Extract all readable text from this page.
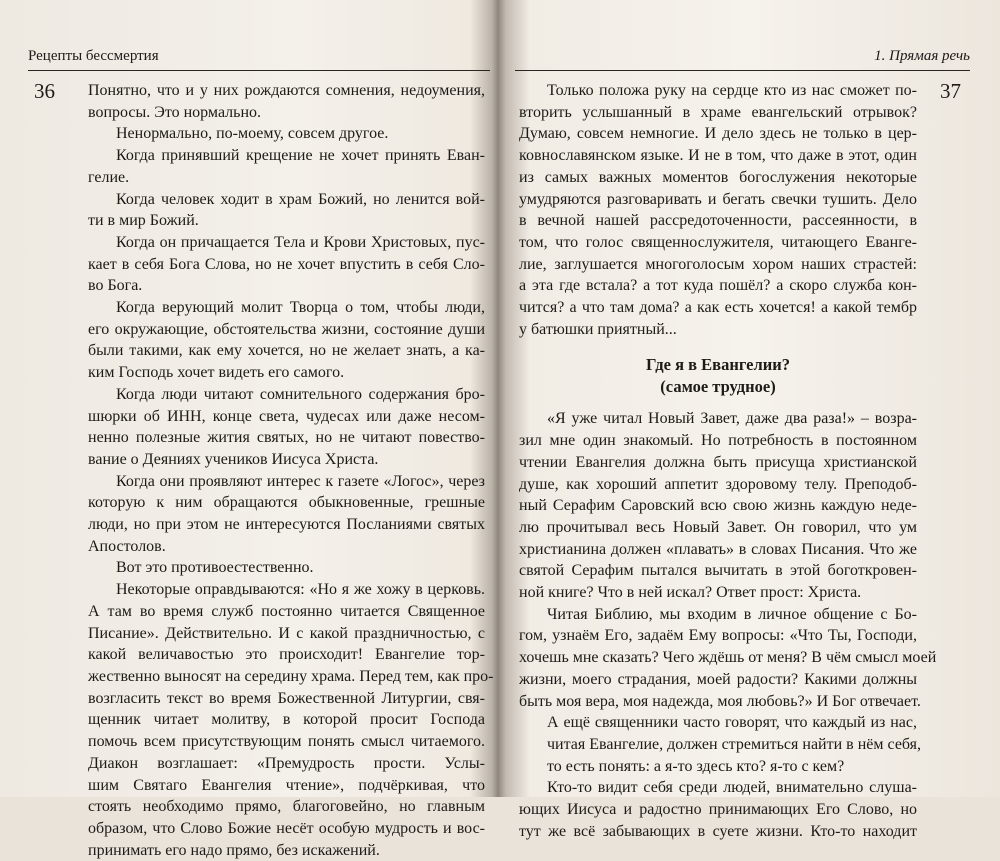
Рецепты бессмертия
36 Понятно, что и у них рождаются сомнения, недоумения,
вопросы. Это нормально.
Ненормально, по-моему, совсем другое.
Когда принявший крещение не хочет принять Еван-
гелие.
Когда человек ходит в храм Божий, но ленится вой-
ти в мир Божий.
Когда он причащается Тела и Крови Христовых, пус-
кает в себя Бога Слова, но не хочет впустить в себя Сло-
во Бога.
Когда верующий молит Творца о том, чтобы люди,
его окружающие, обстоятельства жизни, состояние души
были такими, как ему хочется, но не желает знать, а ка-
ким Господь хочет видеть его самого.
Когда люди читают сомнительного содержания бро-
шюрки об ИНН, конце света, чудесах или даже несом-
ненно полезные жития святых, но не читают повество-
вание о Деяниях учеников Иисуса Христа.
Когда они проявляют интерес к газете «Логос», через
которую к ним обращаются обыкновенные, грешные
люди, но при этом не интересуются Посланиями святых
Апостолов.
Вот это противоестественно.
Некоторые оправдываются: «Но я же хожу в церковь.
А там во время служб постоянно читается Священное
Писание». Действительно. И с какой праздничностью, с
какой величавостью это происходит! Евангелие тор-
жественно выносят на середину храма. Перед тем, как про-
возгласить текст во время Божественной Литургии, свя-
щенник читает молитву, в которой просит Господа
помочь всем присутствующим понять смысл читаемого.
Диакон возглашает: «Премудрость прости. Услы-
шим Святаго Евангелия чтение», подчёркивая, что
стоять необходимо прямо, благоговейно, но главным
образом, что Слово Божие несёт особую мудрость и вос-
принимать его надо прямо, без искажений.
1. Прямая речь
37
Только положа руку на сердце кто из нас сможет по-
вторить услышанный в храме евангельский отрывок?
Думаю, совсем немногие. И дело здесь не только в цер-
ковнославянском языке. И не в том, что даже в этот, один
из самых важных моментов богослужения некоторые
умудряются разговаривать и бегать свечки тушить. Дело
в вечной нашей рассредоточенности, рассеянности, в
том, что голос священнослужителя, читающего Еванге-
лие, заглушается многоголосым хором наших страстей:
а эта где встала? а тот куда пошёл? а скоро служба кон-
чится? а что там дома? а как есть хочется! а какой тембр
у батюшки приятный...
Где я в Евангелии?
(самое трудное)
«Я уже читал Новый Завет, даже два раза!» – возра-
зил мне один знакомый. Но потребность в постоянном
чтении Евангелия должна быть присуща христианской
душе, как хороший аппетит здоровому телу. Преподоб-
ный Серафим Саровский всю свою жизнь каждую неде-
лю прочитывал весь Новый Завет. Он говорил, что ум
христианина должен «плавать» в словах Писания. Что же
святой Серафим пытался вычитать в этой боготкровен-
ной книге? Что в ней искал? Ответ прост: Христа.
Читая Библию, мы входим в личное общение с Бо-
гом, узнаём Его, задаём Ему вопросы: «Что Ты, Господи,
хочешь мне сказать? Чего ждёшь от меня? В чём смысл моей
жизни, моего страдания, моей радости? Какими должны
быть моя вера, моя надежда, моя любовь?» И Бог отвечает.
А ещё священники часто говорят, что каждый из нас,
читая Евангелие, должен стремиться найти в нём себя,
то есть понять: а я-то здесь кто? я-то с кем?
Кто-то видит себя среди людей, внимательно слуша-
ющих Иисуса и радостно принимающих Его Слово, но
тут же всё забывающих в суете жизни. Кто-то находит
